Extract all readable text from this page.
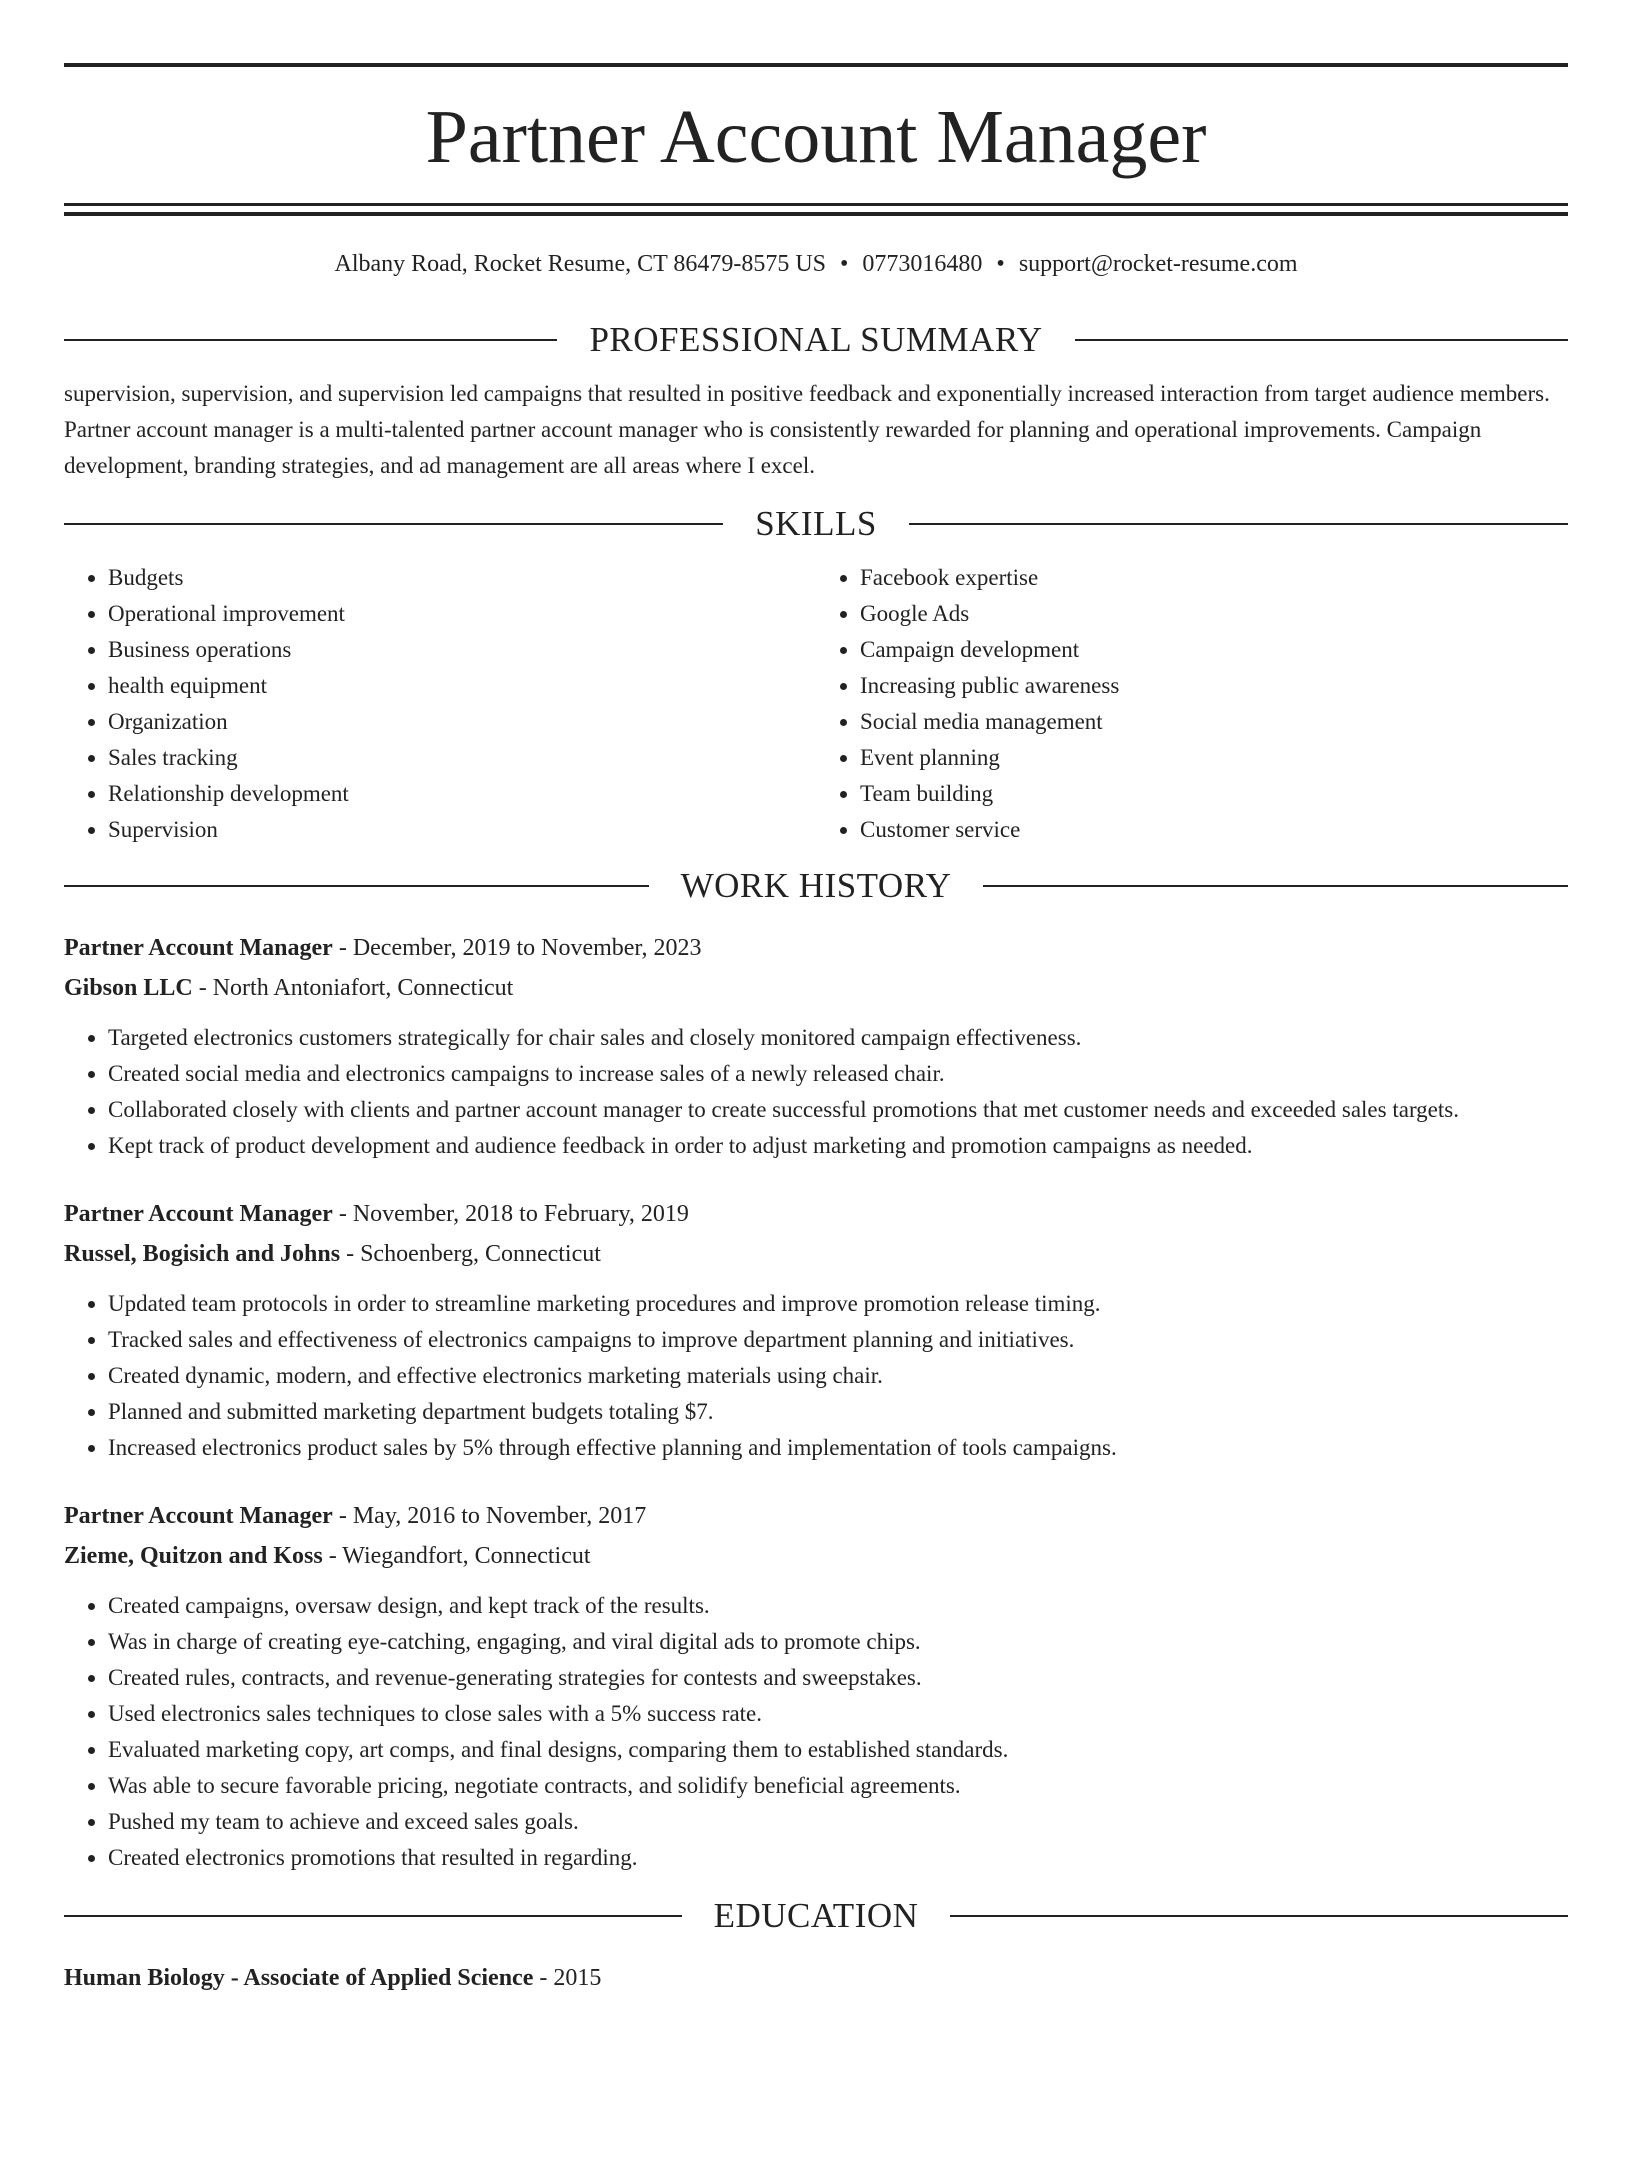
Partner Account Manager
Albany Road, Rocket Resume, CT 86479-8575 US • 0773016480 • support@rocket-resume.com
PROFESSIONAL SUMMARY
supervision, supervision, and supervision led campaigns that resulted in positive feedback and exponentially increased interaction from target audience members. Partner account manager is a multi-talented partner account manager who is consistently rewarded for planning and operational improvements. Campaign development, branding strategies, and ad management are all areas where I excel.
SKILLS
• Budgets
• Operational improvement
• Business operations
• health equipment
• Organization
• Sales tracking
• Relationship development
• Supervision
• Facebook expertise
• Google Ads
• Campaign development
• Increasing public awareness
• Social media management
• Event planning
• Team building
• Customer service
WORK HISTORY
Partner Account Manager - December, 2019 to November, 2023
Gibson LLC - North Antoniafort, Connecticut
• Targeted electronics customers strategically for chair sales and closely monitored campaign effectiveness.
• Created social media and electronics campaigns to increase sales of a newly released chair.
• Collaborated closely with clients and partner account manager to create successful promotions that met customer needs and exceeded sales targets.
• Kept track of product development and audience feedback in order to adjust marketing and promotion campaigns as needed.
Partner Account Manager - November, 2018 to February, 2019
Russel, Bogisich and Johns - Schoenberg, Connecticut
• Updated team protocols in order to streamline marketing procedures and improve promotion release timing.
• Tracked sales and effectiveness of electronics campaigns to improve department planning and initiatives.
• Created dynamic, modern, and effective electronics marketing materials using chair.
• Planned and submitted marketing department budgets totaling $7.
• Increased electronics product sales by 5% through effective planning and implementation of tools campaigns.
Partner Account Manager - May, 2016 to November, 2017
Zieme, Quitzon and Koss - Wiegandfort, Connecticut
• Created campaigns, oversaw design, and kept track of the results.
• Was in charge of creating eye-catching, engaging, and viral digital ads to promote chips.
• Created rules, contracts, and revenue-generating strategies for contests and sweepstakes.
• Used electronics sales techniques to close sales with a 5% success rate.
• Evaluated marketing copy, art comps, and final designs, comparing them to established standards.
• Was able to secure favorable pricing, negotiate contracts, and solidify beneficial agreements.
• Pushed my team to achieve and exceed sales goals.
• Created electronics promotions that resulted in regarding.
EDUCATION
Human Biology - Associate of Applied Science - 2015
